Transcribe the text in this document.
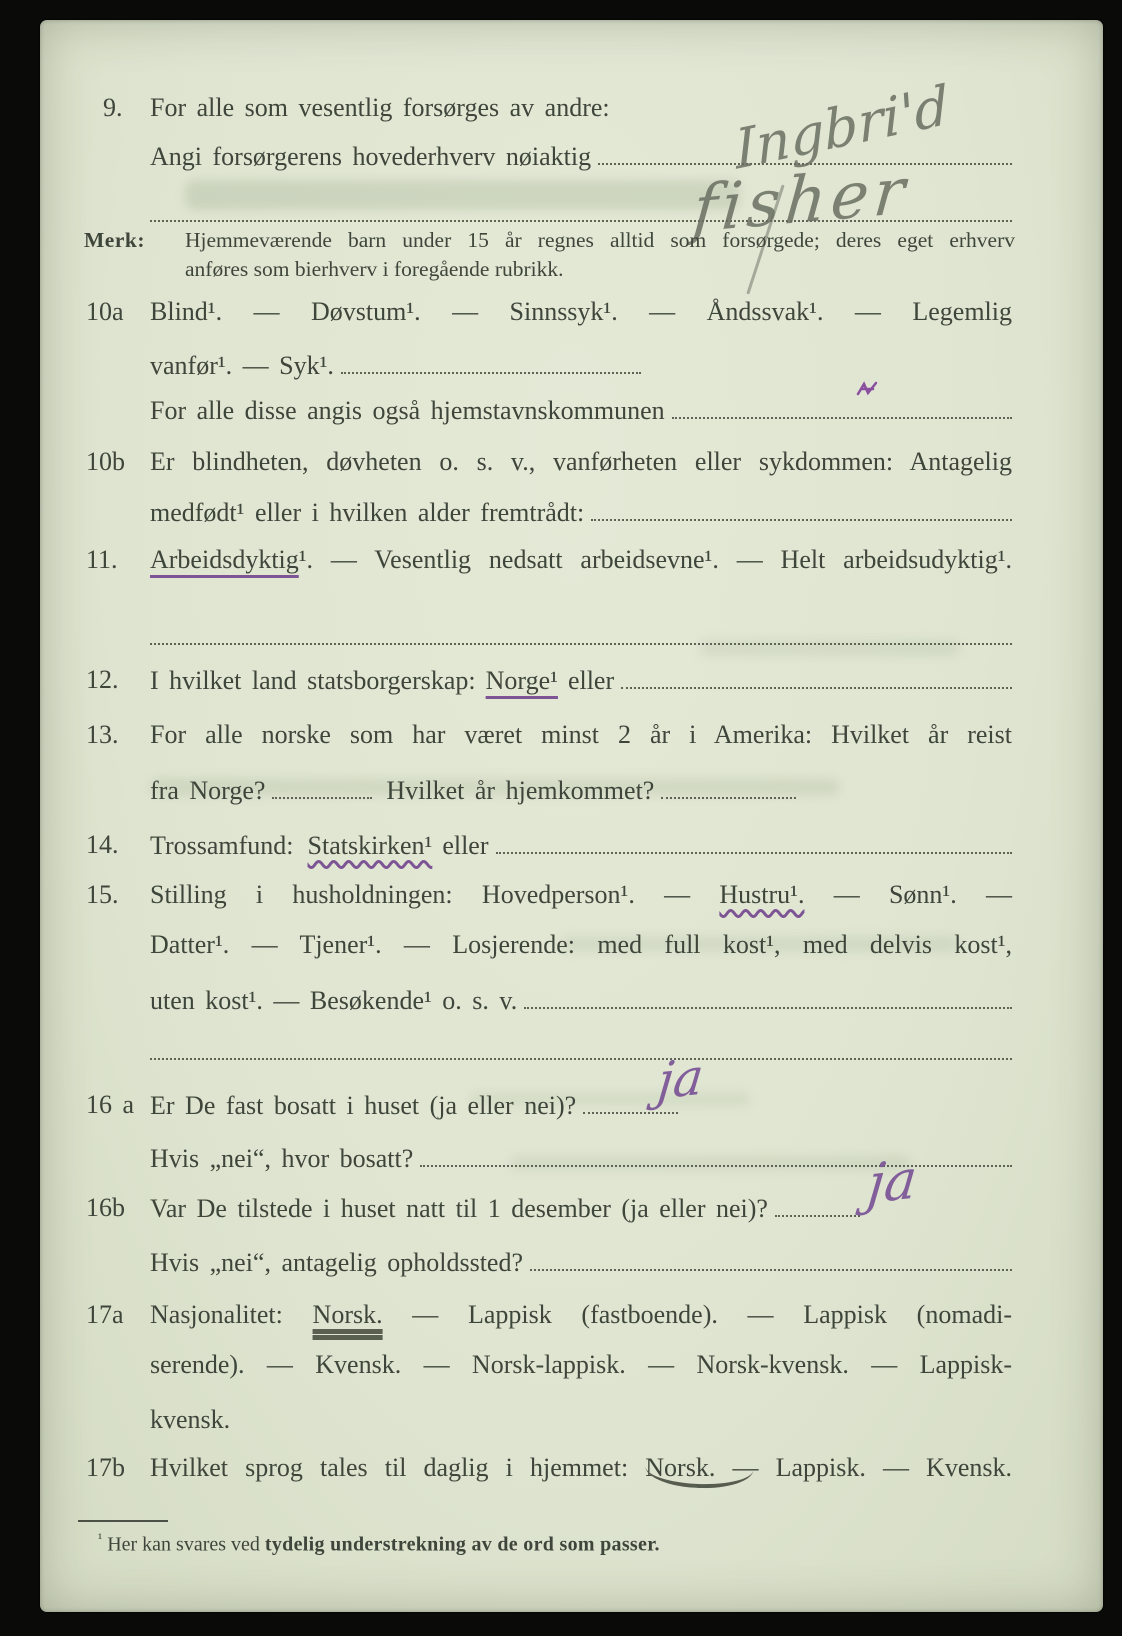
9.	For alle som vesentlig forsørges av andre:
Angi forsørgerens hovederhverv nøiaktig	Ingbri'd
fisher
Merk: Hjemmeværende barn under 15 år regnes alltid som forsørgede; deres eget erhverv
anføres som bierhverv i foregående rubrikk.
10a	Blind¹. — Døvstum¹. — Sinnssyk¹. — Åndssvak¹. — Legemlig
vanfør¹. — Syk¹.
For alle disse angis også hjemstavnskommunen
10b Er blindheten, døvheten o. s. v., vanførheten eller sykdommen: Antagelig
medfødt¹ eller i hvilken alder fremtrådt:
11.	Arbeidsdyktig¹. — Vesentlig nedsatt arbeidsevne¹. — Helt arbeidsudyktig¹.
12.	I hvilket land statsborgerskap: Norge¹ eller
13.	For alle norske som har været minst 2 år i Amerika: Hvilket år reist
fra Norge?	Hvilket år hjemkommet?
14.	Trossamfund: Statskirken¹ eller
15.	Stilling i husholdningen: Hovedperson¹. — Hustru¹. — Sønn¹. —
Datter¹. — Tjener¹. — Losjerende: med full kost¹, med delvis kost¹,
uten kost¹. — Besøkende¹ o. s. v.
16 a Er De fast bosatt i huset (ja eller nei)?
Hvis „nei“, hvor bosatt?
ja
16b Var De tilstede i huset natt til 1 desember (ja eller nei)?
Hvis „nei“, antagelig opholdssted?
ja
17a	Nasjonalitet: Norsk. — Lappisk (fastboende). — Lappisk (nomadi-
serende). — Kvensk. — Norsk-lappisk. — Norsk-kvensk. — Lappisk-
kvensk.
17b Hvilket sprog tales til daglig i hjemmet: Norsk. — Lappisk. — Kvensk.
$^{^1}$ Her kan svares ved tydelig understrekning av de ord som passer.
